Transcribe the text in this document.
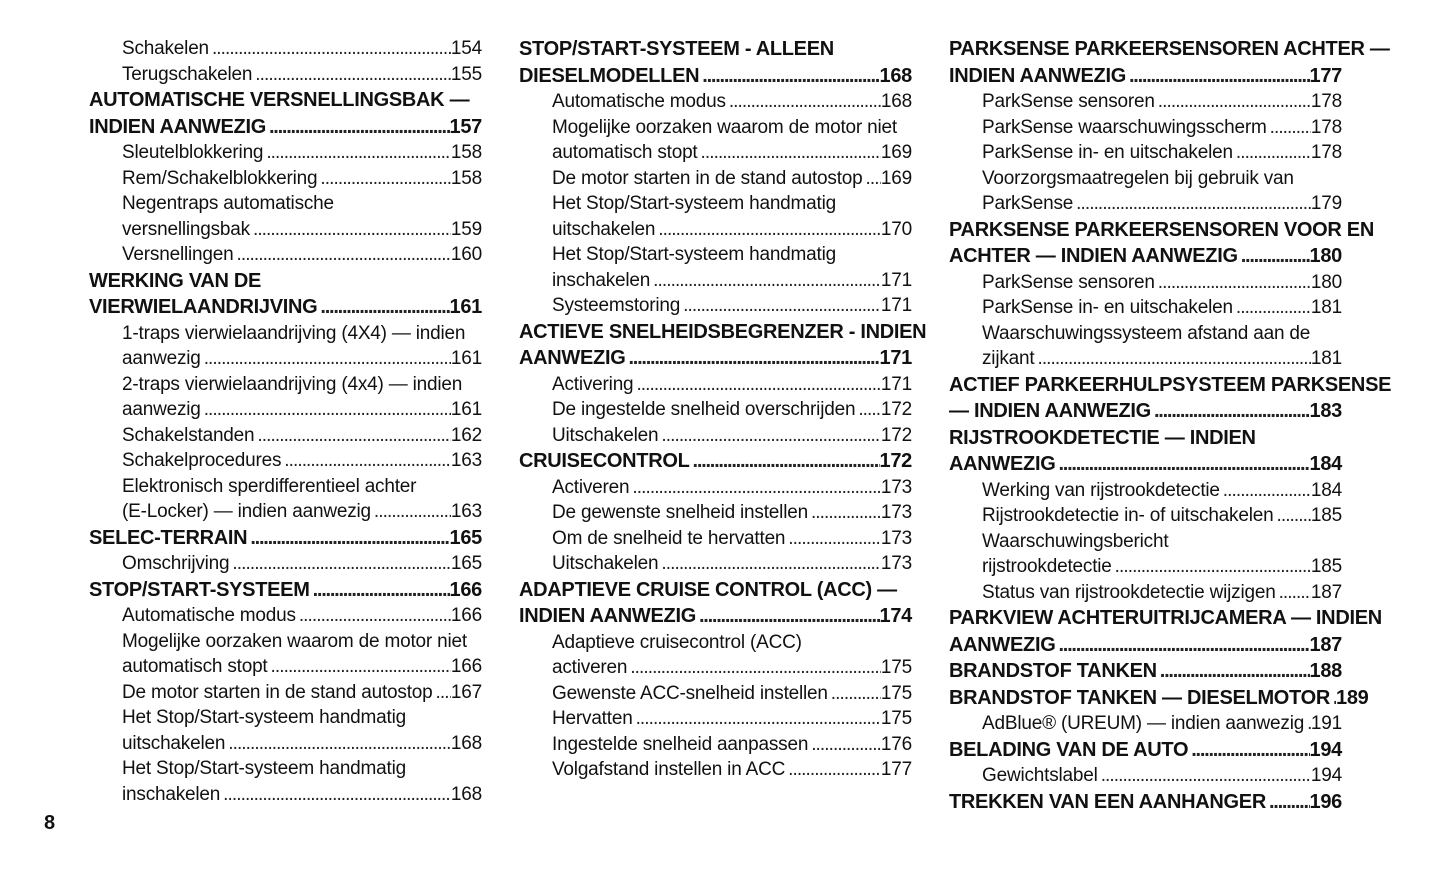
Schakelen . . .	154
Terugschakelen . . .	155
AUTOMATISCHE VERSNELLINGSBAK —
INDIEN AANWEZIG . . .	157
Sleutelblokkering . . .	158
Rem/Schakelblokkering . . .	158
Negentraps automatische
versnellingsbak . . .	159
Versnellingen . . .	160
WERKING VAN DE
VIERWIELAANDRIJVING . . .	161
1-traps vierwielaandrijving (4X4) — indien
aanwezig . . .	161
2-traps vierwielaandrijving (4x4) — indien
aanwezig . . .	161
Schakelstanden . . .	162
Schakelprocedures . . .	163
Elektronisch sperdifferentieel achter
(E-Locker) — indien aanwezig . . .	163
SELEC-TERRAIN . . .	165
Omschrijving . . .	165
STOP/START-SYSTEEM . . .	166
Automatische modus . . .	166
Mogelijke oorzaken waarom de motor niet
automatisch stopt . . .	166
De motor starten in de stand autostop . . . 167
Het Stop/Start-systeem handmatig
uitschakelen . . .	168
Het Stop/Start-systeem handmatig
inschakelen . . .	168
STOP/START-SYSTEEM - ALLEEN
DIESELMODELLEN . . .	168
Automatische modus . . .	168
Mogelijke oorzaken waarom de motor niet
automatisch stopt . . .	169
De motor starten in de stand autostop . . . 169
Het Stop/Start-systeem handmatig
uitschakelen . . .	170
Het Stop/Start-systeem handmatig
inschakelen . . .	171
Systeemstoring . . .	171
ACTIEVE SNELHEIDSBEGRENZER - INDIEN
AANWEZIG . . .	171
Activering . . .	171
De ingestelde snelheid overschrijden . . . 172
Uitschakelen . . .	172
CRUISECONTROL . . .	172
Activeren . . .	173
De gewenste snelheid instellen . . .	173
Om de snelheid te hervatten . . .	173
Uitschakelen . . .	173
ADAPTIEVE CRUISE CONTROL (ACC) —
INDIEN AANWEZIG . . .	174
Adaptieve cruisecontrol (ACC)
activeren . . .	175
Gewenste ACC-snelheid instellen . . .	175
Hervatten . . .	175
Ingestelde snelheid aanpassen . . .	176
Volgafstand instellen in ACC . . .	177
PARKSENSE PARKEERSENSOREN ACHTER —
INDIEN AANWEZIG . . .	177
ParkSense sensoren . . .	178
ParkSense waarschuwingsscherm . . . 178
ParkSense in- en uitschakelen . . .	178
Voorzorgsmaatregelen bij gebruik van
ParkSense . . .	179
PARKSENSE PARKEERSENSOREN VOOR EN
ACHTER — INDIEN AANWEZIG . . .	180
ParkSense sensoren . . .	180
ParkSense in- en uitschakelen . . .	181
Waarschuwingssysteem afstand aan de
zijkant . . .	181
ACTIEF PARKEERHULPSYSTEEM PARKSENSE
— INDIEN AANWEZIG . . .	183
RIJSTROOKDETECTIE — INDIEN
AANWEZIG . . .	184
Werking van rijstrookdetectie . . .	184
Rijstrookdetectie in- of uitschakelen . . . 185
Waarschuwingsbericht
rijstrookdetectie . . .	185
Status van rijstrookdetectie wijzigen . . . 187
PARKVIEW ACHTERUITRIJCAMERA — INDIEN
AANWEZIG . . .	187
BRANDSTOF TANKEN . . .	188
BRANDSTOF TANKEN — DIESELMOTOR . . . 189
AdBlue® (UREUM) — indien aanwezig . . . 191
BELADING VAN DE AUTO . . .	194
Gewichtslabel . . .	194
TREKKEN VAN EEN AANHANGER . . . 196
8
